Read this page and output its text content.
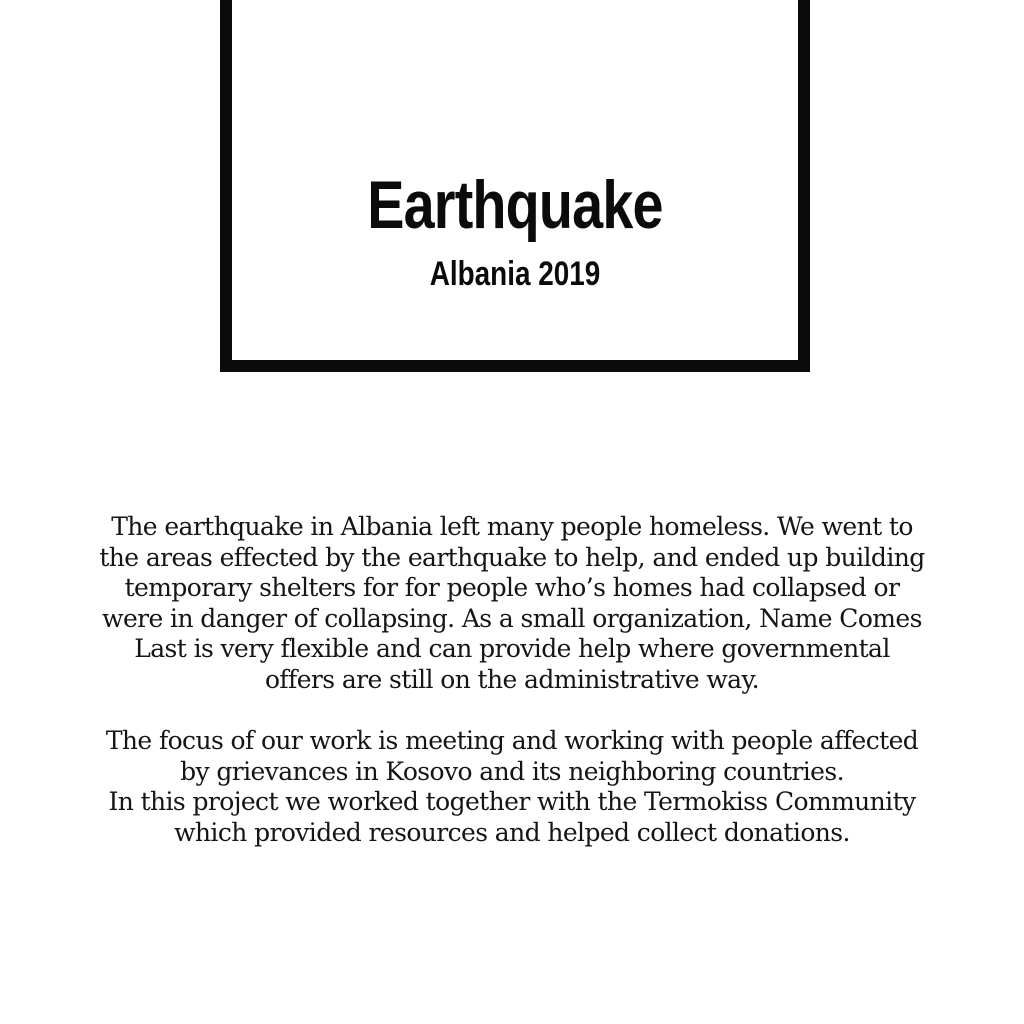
Earthquake
Albania 2019
The earthquake in Albania left many people homeless. We went to
the areas effected by the earthquake to help, and ended up building
temporary shelters for for people who’s homes had collapsed or
were in danger of collapsing. As a small organization, Name Comes
Last is very flexible and can provide help where governmental
offers are still on the administrative way.
The focus of our work is meeting and working with people affected
by grievances in Kosovo and its neighboring countries.
In this project we worked together with the Termokiss Community
which provided resources and helped collect donations.
